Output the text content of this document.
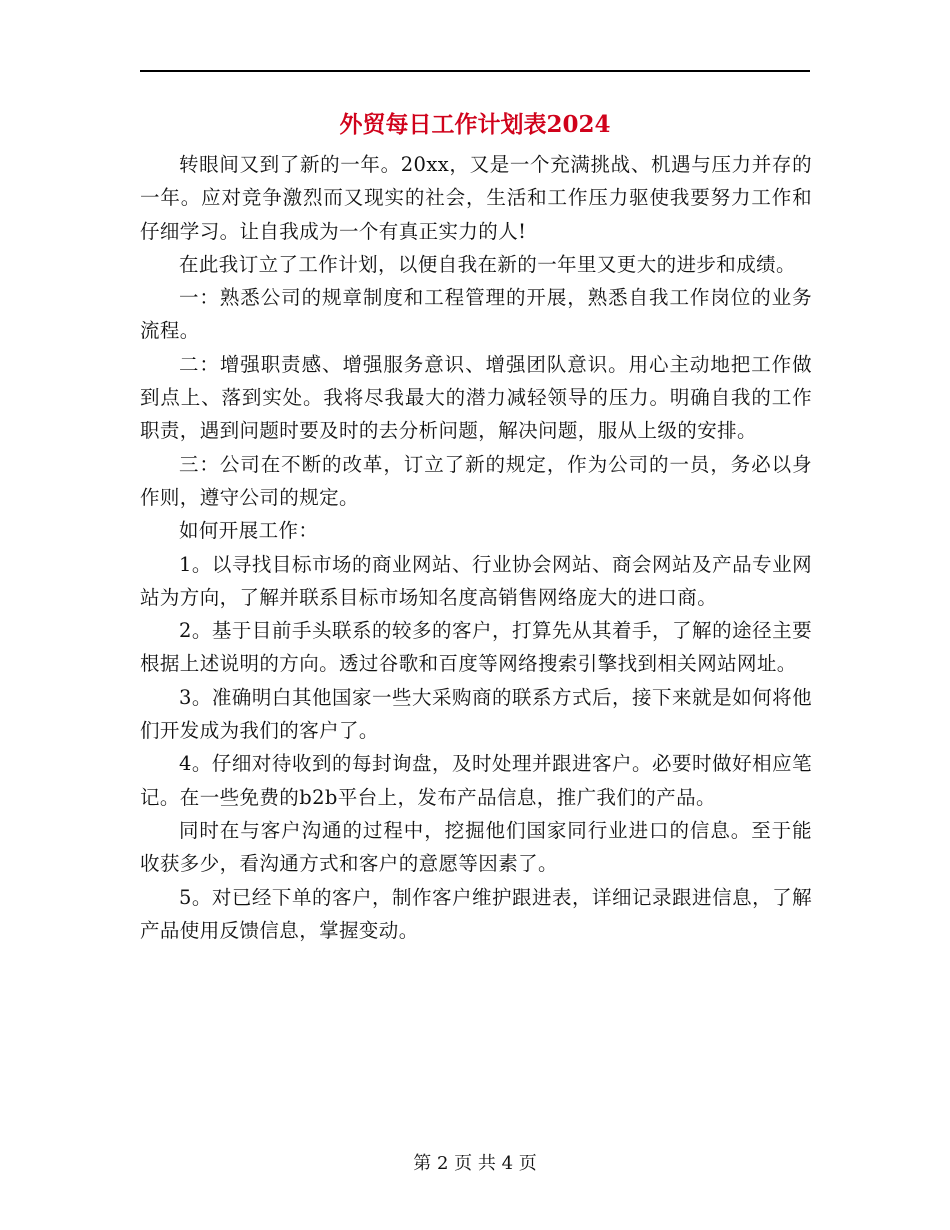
外贸每日工作计划表2024

转眼间又到了新的一年。20xx，又是一个充满挑战、机遇与压力并存的一年。应对竞争激烈而又现实的社会，生活和工作压力驱使我要努力工作和仔细学习。让自我成为一个有真正实力的人!

在此我订立了工作计划，以便自我在新的一年里又更大的进步和成绩。

一：熟悉公司的规章制度和工程管理的开展，熟悉自我工作岗位的业务流程。

二：增强职责感、增强服务意识、增强团队意识。用心主动地把工作做到点上、落到实处。我将尽我最大的潜力减轻领导的压力。明确自我的工作职责，遇到问题时要及时的去分析问题，解决问题，服从上级的安排。

三：公司在不断的改革，订立了新的规定，作为公司的一员，务必以身作则，遵守公司的规定。

如何开展工作：

1。以寻找目标市场的商业网站、行业协会网站、商会网站及产品专业网站为方向，了解并联系目标市场知名度高销售网络庞大的进口商。

2。基于目前手头联系的较多的客户，打算先从其着手，了解的途径主要根据上述说明的方向。透过谷歌和百度等网络搜索引擎找到相关网站网址。

3。准确明白其他国家一些大采购商的联系方式后，接下来就是如何将他们开发成为我们的客户了。

4。仔细对待收到的每封询盘，及时处理并跟进客户。必要时做好相应笔记。在一些免费的b2b平台上，发布产品信息，推广我们的产品。

同时在与客户沟通的过程中，挖掘他们国家同行业进口的信息。至于能收获多少，看沟通方式和客户的意愿等因素了。

5。对已经下单的客户，制作客户维护跟进表，详细记录跟进信息，了解产品使用反馈信息，掌握变动。

第 2 页 共 4 页
